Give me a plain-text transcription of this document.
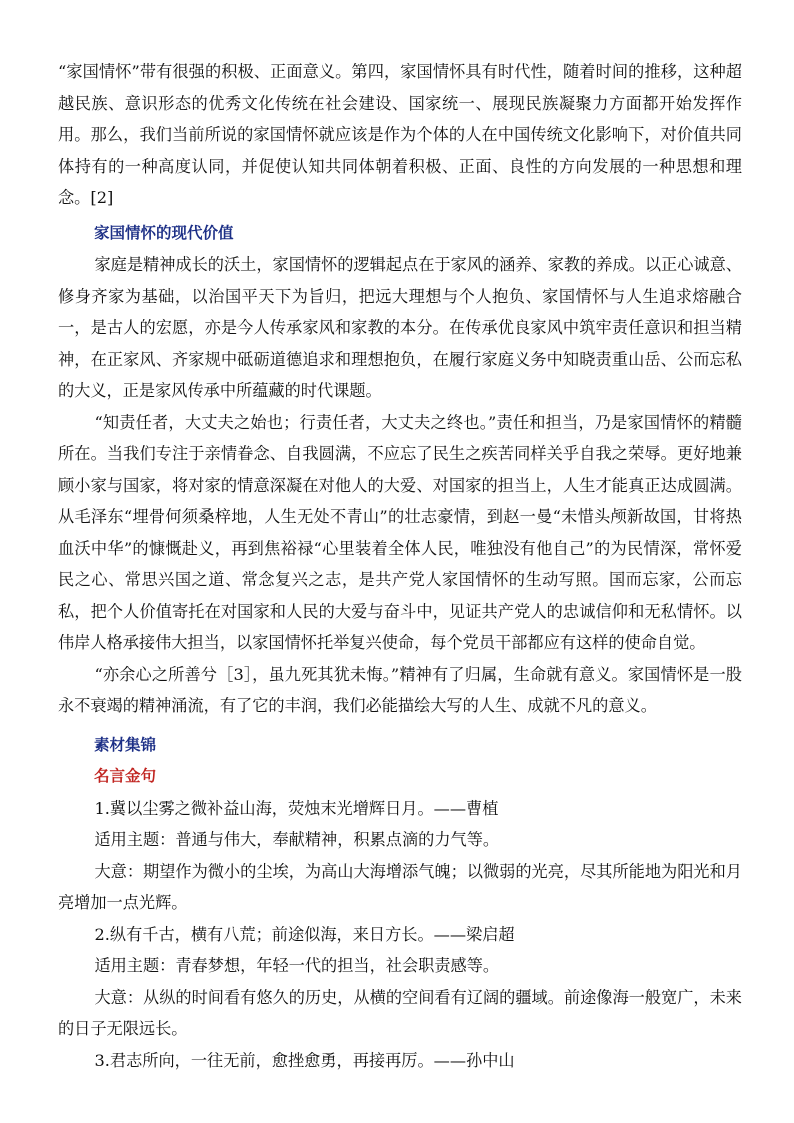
“家国情怀”带有很强的积极、正面意义。第四，家国情怀具有时代性，随着时间的推移，这种超越民族、意识形态的优秀文化传统在社会建设、国家统一、展现民族凝聚力方面都开始发挥作用。那么，我们当前所说的家国情怀就应该是作为个体的人在中国传统文化影响下，对价值共同体持有的一种高度认同，并促使认知共同体朝着积极、正面、良性的方向发展的一种思想和理念。[2]

家国情怀的现代价值

家庭是精神成长的沃土，家国情怀的逻辑起点在于家风的涵养、家教的养成。以正心诚意、修身齐家为基础，以治国平天下为旨归，把远大理想与个人抱负、家国情怀与人生追求熔融合一，是古人的宏愿，亦是今人传承家风和家教的本分。在传承优良家风中筑牢责任意识和担当精神，在正家风、齐家规中砥砺道德追求和理想抱负，在履行家庭义务中知晓责重山岳、公而忘私的大义，正是家风传承中所蕴藏的时代课题。

“知责任者，大丈夫之始也；行责任者，大丈夫之终也。”责任和担当，乃是家国情怀的精髓所在。当我们专注于亲情眷念、自我圆满，不应忘了民生之疾苦同样关乎自我之荣辱。更好地兼顾小家与国家，将对家的情意深凝在对他人的大爱、对国家的担当上，人生才能真正达成圆满。从毛泽东“埋骨何须桑梓地，人生无处不青山”的壮志豪情，到赵一曼“未惜头颅新故国，甘将热血沃中华”的慷慨赴义，再到焦裕禄“心里装着全体人民，唯独没有他自己”的为民情深，常怀爱民之心、常思兴国之道、常念复兴之志，是共产党人家国情怀的生动写照。国而忘家，公而忘私，把个人价值寄托在对国家和人民的大爱与奋斗中，见证共产党人的忠诚信仰和无私情怀。以伟岸人格承接伟大担当，以家国情怀托举复兴使命，每个党员干部都应有这样的使命自觉。

“亦余心之所善兮［3］，虽九死其犹未悔。”精神有了归属，生命就有意义。家国情怀是一股永不衰竭的精神涌流，有了它的丰润，我们必能描绘大写的人生、成就不凡的意义。

素材集锦

名言金句

1.冀以尘雾之微补益山海，荧烛末光增辉日月。——曹植

适用主题：普通与伟大，奉献精神，积累点滴的力气等。

大意：期望作为微小的尘埃，为高山大海增添气魄；以微弱的光亮，尽其所能地为阳光和月亮增加一点光辉。

2.纵有千古，横有八荒；前途似海，来日方长。——梁启超

适用主题：青春梦想，年轻一代的担当，社会职责感等。

大意：从纵的时间看有悠久的历史，从横的空间看有辽阔的疆域。前途像海一般宽广，未来的日子无限远长。

3.君志所向，一往无前，愈挫愈勇，再接再厉。——孙中山
